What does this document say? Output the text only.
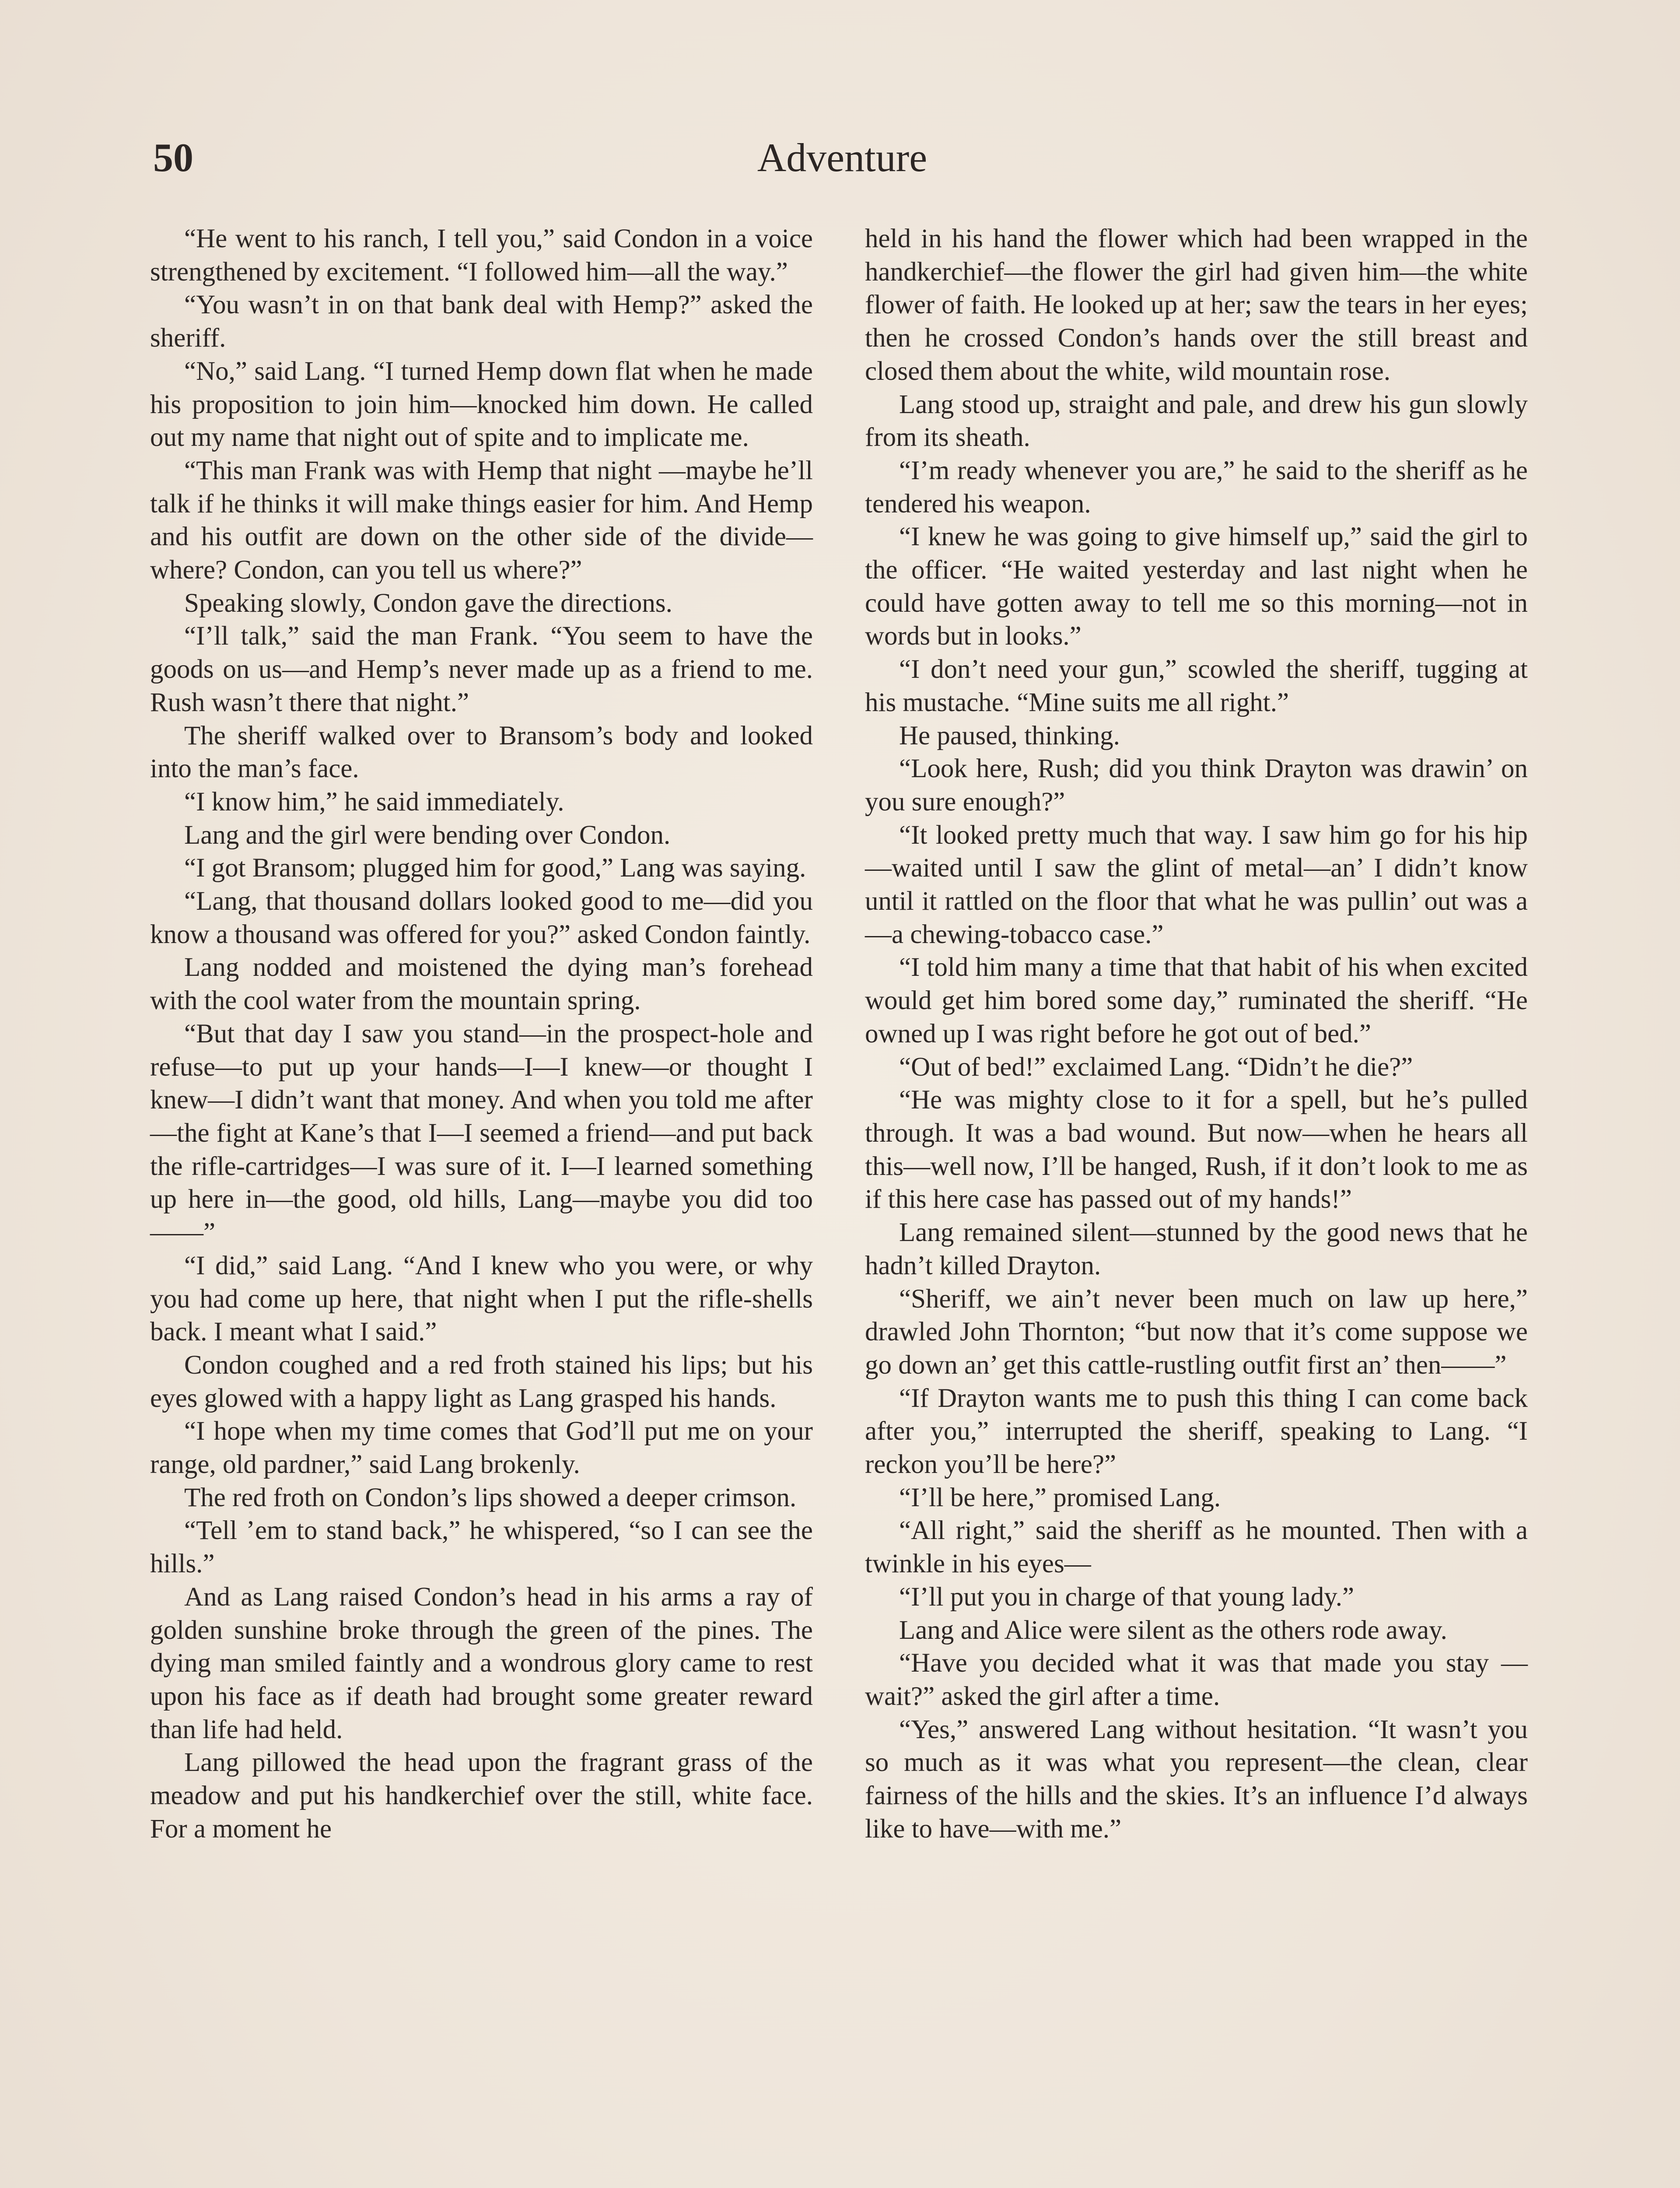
50	Adventure

“He went to his ranch, I tell you,” said Condon in a voice strengthened by excitement. “I followed him—all the way.”

“You wasn’t in on that bank deal with Hemp?” asked the sheriff.

“No,” said Lang. “I turned Hemp down flat when he made his proposition to join him—knocked him down. He called out my name that night out of spite and to implicate me.

“This man Frank was with Hemp that night —maybe he’ll talk if he thinks it will make things easier for him. And Hemp and his outfit are down on the other side of the divide—where? Condon, can you tell us where?”

Speaking slowly, Condon gave the directions.

“I’ll talk,” said the man Frank. “You seem to have the goods on us—and Hemp’s never made up as a friend to me. Rush wasn’t there that night.”

The sheriff walked over to Bransom’s body and looked into the man’s face.

“I know him,” he said immediately.

Lang and the girl were bending over Condon.

“I got Bransom; plugged him for good,” Lang was saying.

“Lang, that thousand dollars looked good to me—did you know a thousand was offered for you?” asked Condon faintly.

Lang nodded and moistened the dying man’s forehead with the cool water from the mountain spring.

“But that day I saw you stand—in the prospect-hole and refuse—to put up your hands—I—I knew—or thought I knew—I didn’t want that money. And when you told me after—the fight at Kane’s that I—I seemed a friend—and put back the rifle-cartridges—I was sure of it. I—I learned something up here in—the good, old hills, Lang—maybe you did too——”

“I did,” said Lang. “And I knew who you were, or why you had come up here, that night when I put the rifle-shells back. I meant what I said.”

Condon coughed and a red froth stained his lips; but his eyes glowed with a happy light as Lang grasped his hands.

“I hope when my time comes that God’ll put me on your range, old pardner,” said Lang brokenly.

The red froth on Condon’s lips showed a deeper crimson.

“Tell ’em to stand back,” he whispered, “so I can see the hills.”

And as Lang raised Condon’s head in his arms a ray of golden sunshine broke through the green of the pines. The dying man smiled faintly and a wondrous glory came to rest upon his face as if death had brought some greater reward than life had held.

Lang pillowed the head upon the fragrant grass of the meadow and put his handkerchief over the still, white face. For a moment he

held in his hand the flower which had been wrapped in the handkerchief—the flower the girl had given him—the white flower of faith. He looked up at her; saw the tears in her eyes; then he crossed Condon’s hands over the still breast and closed them about the white, wild mountain rose.

Lang stood up, straight and pale, and drew his gun slowly from its sheath.

“I’m ready whenever you are,” he said to the sheriff as he tendered his weapon.

“I knew he was going to give himself up,” said the girl to the officer. “He waited yesterday and last night when he could have gotten away to tell me so this morning—not in words but in looks.”

“I don’t need your gun,” scowled the sheriff, tugging at his mustache. “Mine suits me all right.”

He paused, thinking.

“Look here, Rush; did you think Drayton was drawin’ on you sure enough?”

“It looked pretty much that way. I saw him go for his hip—waited until I saw the glint of metal—an’ I didn’t know until it rattled on the floor that what he was pullin’ out was a—a chewing-tobacco case.”

“I told him many a time that that habit of his when excited would get him bored some day,” ruminated the sheriff. “He owned up I was right before he got out of bed.”

“Out of bed!” exclaimed Lang. “Didn’t he die?”

“He was mighty close to it for a spell, but he’s pulled through. It was a bad wound. But now—when he hears all this—well now, I’ll be hanged, Rush, if it don’t look to me as if this here case has passed out of my hands!”

Lang remained silent—stunned by the good news that he hadn’t killed Drayton.

“Sheriff, we ain’t never been much on law up here,” drawled John Thornton; “but now that it’s come suppose we go down an’ get this cattle-rustling outfit first an’ then——”

“If Drayton wants me to push this thing I can come back after you,” interrupted the sheriff, speaking to Lang. “I reckon you’ll be here?”

“I’ll be here,” promised Lang.

“All right,” said the sheriff as he mounted. Then with a twinkle in his eyes—

“I’ll put you in charge of that young lady.”

Lang and Alice were silent as the others rode away.

“Have you decided what it was that made you stay — wait?” asked the girl after a time.

“Yes,” answered Lang without hesitation. “It wasn’t you so much as it was what you represent—the clean, clear fairness of the hills and the skies. It’s an influence I’d always like to have—with me.”
